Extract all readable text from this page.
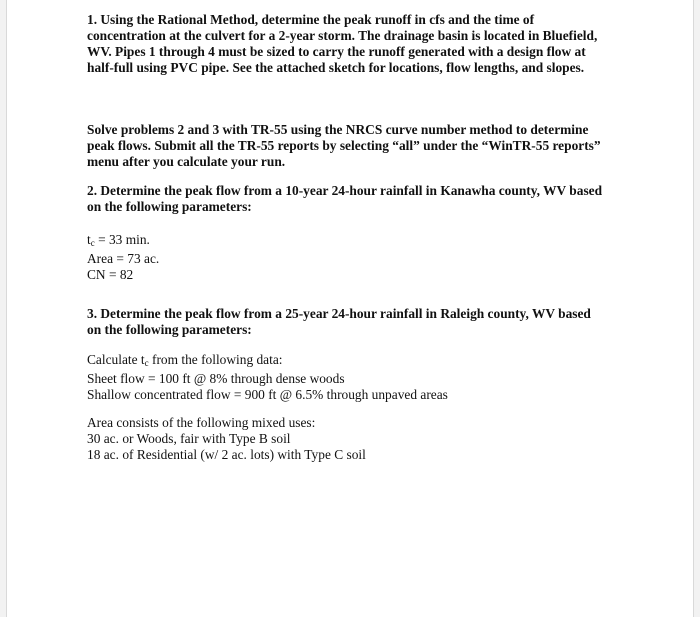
1. Using the Rational Method, determine the peak runoff in cfs and the time of
concentration at the culvert for a 2-year storm. The drainage basin is located in Bluefield,
WV. Pipes 1 through 4 must be sized to carry the runoff generated with a design flow at
half-full using PVC pipe. See the attached sketch for locations, flow lengths, and slopes.
Solve problems 2 and 3 with TR-55 using the NRCS curve number method to determine
peak flows. Submit all the TR-55 reports by selecting “all” under the “WinTR-55 reports”
menu after you calculate your run.
2. Determine the peak flow from a 10-year 24-hour rainfall in Kanawha county, WV based
on the following parameters:
$t_c = 33$ min.
Area = 73 ac.
CN = 82
3. Determine the peak flow from a 25-year 24-hour rainfall in Raleigh county, WV based
on the following parameters:
Calculate $t_c$ from the following data:
Sheet flow = 100 ft @ 8% through dense woods
Shallow concentrated flow = 900 ft @ 6.5% through unpaved areas
Area consists of the following mixed uses:
30 ac. or Woods, fair with Type B soil
18 ac. of Residential (w/ 2 ac. lots) with Type C soil
